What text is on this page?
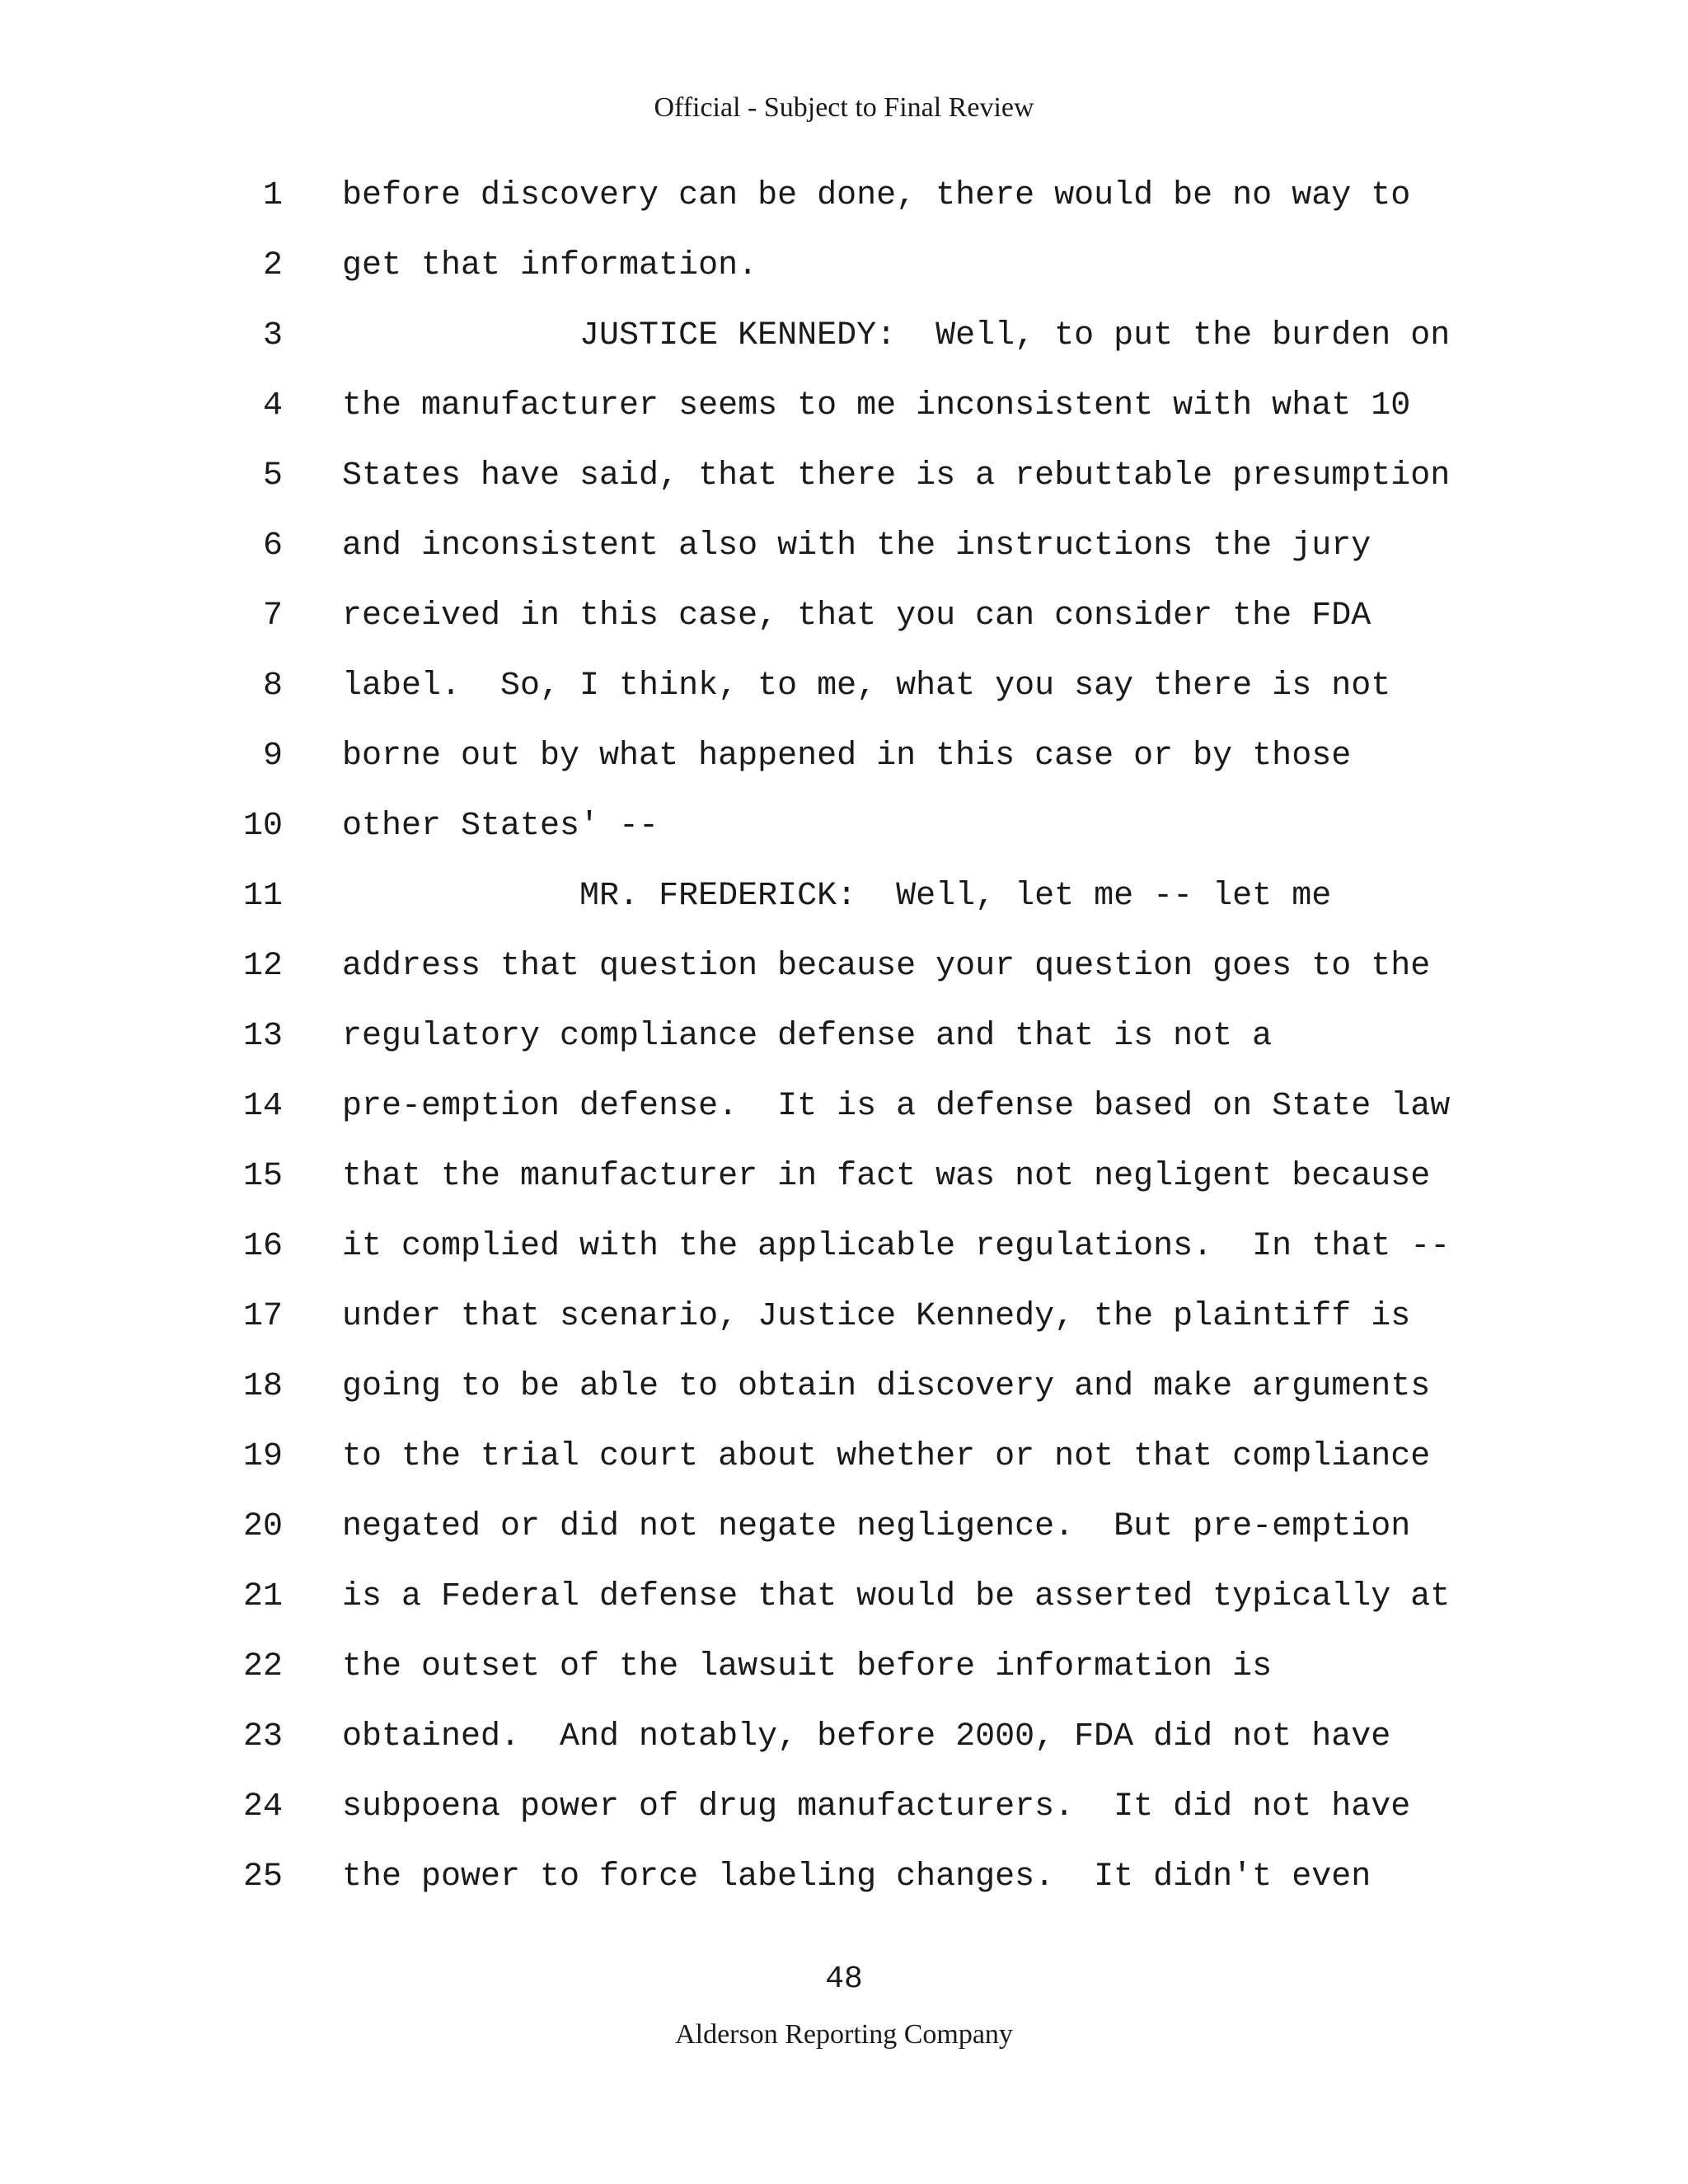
Official - Subject to Final Review

1

before discovery can be done, there would be no way to

2

get that information.

3

JUSTICE KENNEDY:  Well, to put the burden on

4

the manufacturer seems to me inconsistent with what 10

5

States have said, that there is a rebuttable presumption

6

and inconsistent also with the instructions the jury

7

received in this case, that you can consider the FDA

8

label.  So, I think, to me, what you say there is not

9

borne out by what happened in this case or by those

10

other States' --

11

MR. FREDERICK:  Well, let me -- let me

12

address that question because your question goes to the

13

regulatory compliance defense and that is not a

14

pre-emption defense.  It is a defense based on State law

15

that the manufacturer in fact was not negligent because

16

it complied with the applicable regulations.  In that --

17

under that scenario, Justice Kennedy, the plaintiff is

18

going to be able to obtain discovery and make arguments

19

to the trial court about whether or not that compliance

20

negated or did not negate negligence.  But pre-emption

21

is a Federal defense that would be asserted typically at

22

the outset of the lawsuit before information is

23

obtained.  And notably, before 2000, FDA did not have

24

subpoena power of drug manufacturers.  It did not have

25

the power to force labeling changes.  It didn't even

48
Alderson Reporting Company
